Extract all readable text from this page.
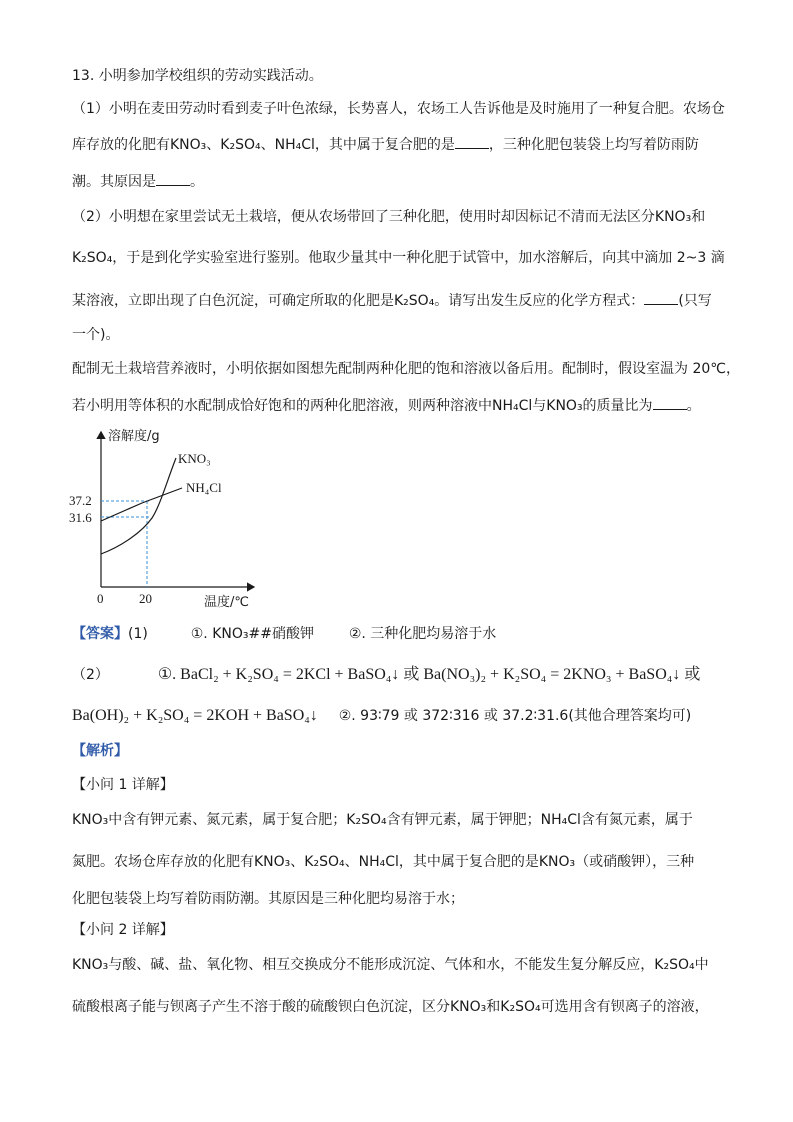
13. 小明参加学校组织的劳动实践活动。
（1）小明在麦田劳动时看到麦子叶色浓绿，长势喜人，农场工人告诉他是及时施用了一种复合肥。农场仓
库存放的化肥有KNO₃、K₂SO₄、NH₄Cl，其中属于复合肥的是 ，三种化肥包装袋上均写着防雨防
潮。其原因是 。
（2）小明想在家里尝试无土栽培，便从农场带回了三种化肥，使用时却因标记不清而无法区分KNO₃和
K₂SO₄，于是到化学实验室进行鉴别。他取少量其中一种化肥于试管中，加水溶解后，向其中滴加 2~3 滴
某溶液，立即出现了白色沉淀，可确定所取的化肥是K₂SO₄。请写出发生反应的化学方程式： (只写
一个)。
配制无土栽培营养液时，小明依据如图想先配制两种化肥的饱和溶液以备后用。配制时，假设室温为 20℃，
若小明用等体积的水配制成恰好饱和的两种化肥溶液，则两种溶液中NH₄Cl与KNO₃的质量比为 。
溶解度/g
温度/℃
0	20
37.2
31.6
KNO₃
NH₄Cl
【答案】(1)	①. KNO₃##硝酸钾 ②. 三种化肥均易溶于水
（2）	①. BaCl₂ + K₂SO₄ = 2KCl + BaSO₄↓ 或 Ba(NO₃)₂ + K₂SO₄ = 2KNO₃ + BaSO₄↓ 或
Ba(OH)₂ + K₂SO₄ = 2KOH + BaSO₄↓ ②. 93∶79 或 372∶316 或 37.2∶31.6(其他合理答案均可)
【解析】
【小问 1 详解】
KNO₃中含有钾元素、氮元素，属于复合肥；K₂SO₄含有钾元素，属于钾肥；NH₄Cl含有氮元素，属于
氮肥。农场仓库存放的化肥有KNO₃、K₂SO₄、NH₄Cl，其中属于复合肥的是KNO₃（或硝酸钾），三种
化肥包装袋上均写着防雨防潮。其原因是三种化肥均易溶于水；
【小问 2 详解】
KNO₃与酸、碱、盐、氧化物、相互交换成分不能形成沉淀、气体和水，不能发生复分解反应，K₂SO₄中
硫酸根离子能与钡离子产生不溶于酸的硫酸钡白色沉淀，区分KNO₃和K₂SO₄可选用含有钡离子的溶液，
